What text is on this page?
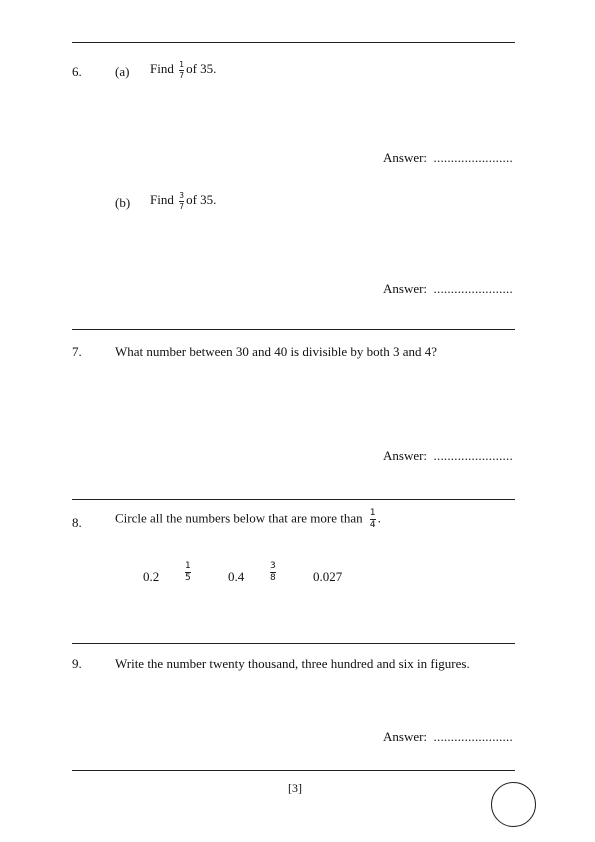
6.	(a) Find $\frac{1}{7}$ of 35.
Answer: .......................
(b) Find $\frac{3}{7}$ of 35.
Answer: .......................
7.	What number between 30 and 40 is divisible by both 3 and 4?
Answer: .......................
8.	Circle all the numbers below that are more than $\frac{1}{4}$ .
0.2	$\frac{1}{5}$	0.4	$\frac{3}{8}$	0.027
9.	Write the number twenty thousand, three hundred and six in figures.
Answer: .......................
[3]
